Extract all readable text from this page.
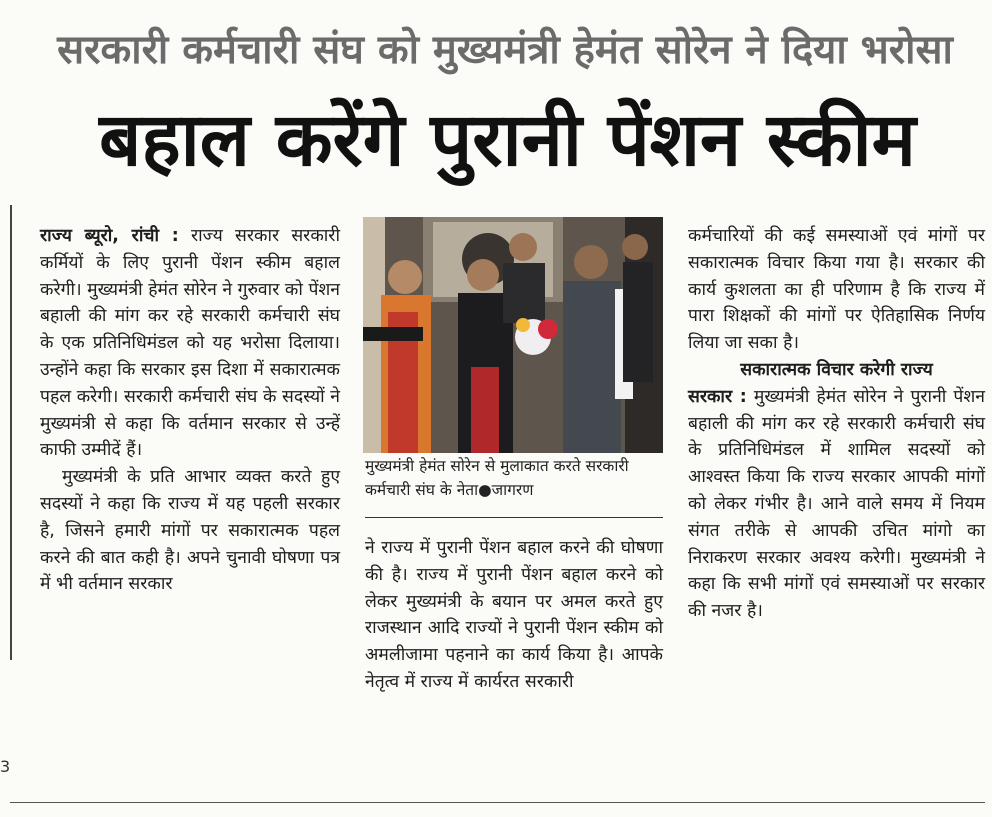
सरकारी कर्मचारी संघ को मुख्यमंत्री हेमंत सोरेन ने दिया भरोसा
बहाल करेंगे पुरानी पेंशन स्कीम
3

राज्य ब्यूरो, रांची : राज्य सरकार सरकारी कर्मियों के लिए पुरानी पेंशन स्कीम बहाल करेगी। मुख्यमंत्री हेमंत सोरेन ने गुरुवार को पेंशन बहाली की मांग कर रहे सरकारी कर्मचारी संघ के एक प्रतिनिधिमंडल को यह भरोसा दिलाया। उन्होंने कहा कि सरकार इस दिशा में सकारात्मक पहल करेगी। सरकारी कर्मचारी संघ के सदस्यों ने मुख्यमंत्री से कहा कि वर्तमान सरकार से उन्हें काफी उम्मीदें हैं।

मुख्यमंत्री के प्रति आभार व्यक्त करते हुए सदस्यों ने कहा कि राज्य में यह पहली सरकार है, जिसने हमारी मांगों पर सकारात्मक पहल करने की बात कही है। अपने चुनावी घोषणा पत्र में भी वर्तमान सरकार

मुख्यमंत्री हेमंत सोरेन से मुलाकात करते सरकारी कर्मचारी संघ के नेता●जागरण

ने राज्य में पुरानी पेंशन बहाल करने की घोषणा की है। राज्य में पुरानी पेंशन बहाल करने को लेकर मुख्यमंत्री के बयान पर अमल करते हुए राजस्थान आदि राज्यों ने पुरानी पेंशन स्कीम को अमलीजामा पहनाने का कार्य किया है। आपके नेतृत्व में राज्य में कार्यरत सरकारी

कर्मचारियों की कई समस्याओं एवं मांगों पर सकारात्मक विचार किया गया है। सरकार की कार्य कुशलता का ही परिणाम है कि राज्य में पारा शिक्षकों की मांगों पर ऐतिहासिक निर्णय लिया जा सका है।

सकारात्मक विचार करेगी राज्य

सरकार : मुख्यमंत्री हेमंत सोरेन ने पुरानी पेंशन बहाली की मांग कर रहे सरकारी कर्मचारी संघ के प्रतिनिधिमंडल में शामिल सदस्यों को आश्वस्त किया कि राज्य सरकार आपकी मांगों को लेकर गंभीर है। आने वाले समय में नियम संगत तरीके से आपकी उचित मांगो का निराकरण सरकार अवश्य करेगी। मुख्यमंत्री ने कहा कि सभी मांगों एवं समस्याओं पर सरकार की नजर है।
